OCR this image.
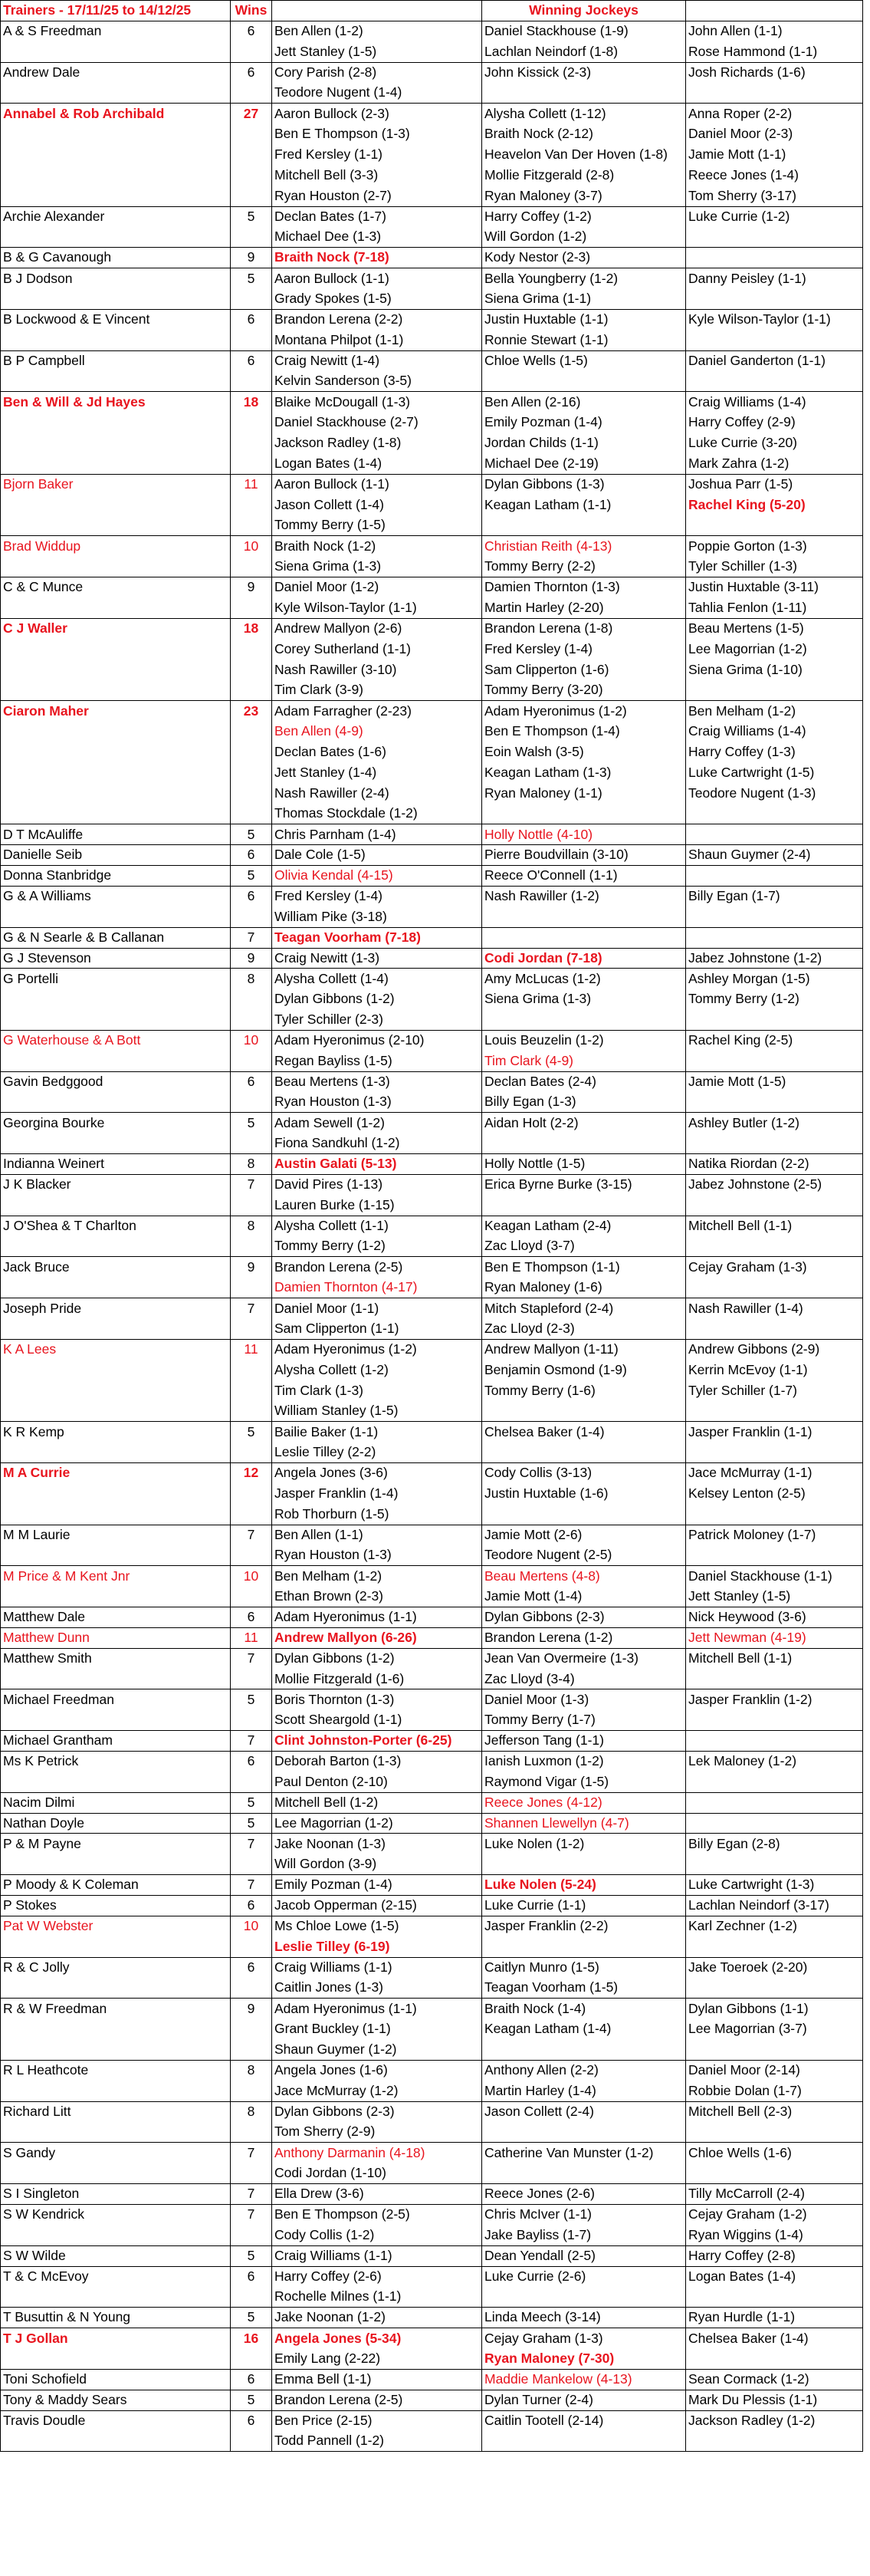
Trainers - 17/11/25 to 14/12/25	Wins		Winning Jockeys	
A & S Freedman	6	Ben Allen (1-2)	Daniel Stackhouse (1-9)	John Allen (1-1)
		Jett Stanley (1-5)	Lachlan Neindorf (1-8)	Rose Hammond (1-1)
Andrew Dale	6	Cory Parish (2-8)	John Kissick (2-3)	Josh Richards (1-6)
		Teodore Nugent (1-4)		
Annabel & Rob Archibald	27	Aaron Bullock (2-3)	Alysha Collett (1-12)	Anna Roper (2-2)
		Ben E Thompson (1-3)	Braith Nock (2-12)	Daniel Moor (2-3)
		Fred Kersley (1-1)	Heavelon Van Der Hoven (1-8)	Jamie Mott (1-1)
		Mitchell Bell (3-3)	Mollie Fitzgerald (2-8)	Reece Jones (1-4)
		Ryan Houston (2-7)	Ryan Maloney (3-7)	Tom Sherry (3-17)
Archie Alexander	5	Declan Bates (1-7)	Harry Coffey (1-2)	Luke Currie (1-2)
		Michael Dee (1-3)	Will Gordon (1-2)	
B & G Cavanough	9	Braith Nock (7-18)	Kody Nestor (2-3)	
B J Dodson	5	Aaron Bullock (1-1)	Bella Youngberry (1-2)	Danny Peisley (1-1)
		Grady Spokes (1-5)	Siena Grima (1-1)	
B Lockwood & E Vincent	6	Brandon Lerena (2-2)	Justin Huxtable (1-1)	Kyle Wilson-Taylor (1-1)
		Montana Philpot (1-1)	Ronnie Stewart (1-1)	
B P Campbell	6	Craig Newitt (1-4)	Chloe Wells (1-5)	Daniel Ganderton (1-1)
		Kelvin Sanderson (3-5)		
Ben & Will & Jd Hayes	18	Blaike McDougall (1-3)	Ben Allen (2-16)	Craig Williams (1-4)
		Daniel Stackhouse (2-7)	Emily Pozman (1-4)	Harry Coffey (2-9)
		Jackson Radley (1-8)	Jordan Childs (1-1)	Luke Currie (3-20)
		Logan Bates (1-4)	Michael Dee (2-19)	Mark Zahra (1-2)
Bjorn Baker	11	Aaron Bullock (1-1)	Dylan Gibbons (1-3)	Joshua Parr (1-5)
		Jason Collett (1-4)	Keagan Latham (1-1)	Rachel King (5-20)
		Tommy Berry (1-5)		
Brad Widdup	10	Braith Nock (1-2)	Christian Reith (4-13)	Poppie Gorton (1-3)
		Siena Grima (1-3)	Tommy Berry (2-2)	Tyler Schiller (1-3)
C & C Munce	9	Daniel Moor (1-2)	Damien Thornton (1-3)	Justin Huxtable (3-11)
		Kyle Wilson-Taylor (1-1)	Martin Harley (2-20)	Tahlia Fenlon (1-11)
C J Waller	18	Andrew Mallyon (2-6)	Brandon Lerena (1-8)	Beau Mertens (1-5)
		Corey Sutherland (1-1)	Fred Kersley (1-4)	Lee Magorrian (1-2)
		Nash Rawiller (3-10)	Sam Clipperton (1-6)	Siena Grima (1-10)
		Tim Clark (3-9)	Tommy Berry (3-20)	
Ciaron Maher	23	Adam Farragher (2-23)	Adam Hyeronimus (1-2)	Ben Melham (1-2)
		Ben Allen (4-9)	Ben E Thompson (1-4)	Craig Williams (1-4)
		Declan Bates (1-6)	Eoin Walsh (3-5)	Harry Coffey (1-3)
		Jett Stanley (1-4)	Keagan Latham (1-3)	Luke Cartwright (1-5)
		Nash Rawiller (2-4)	Ryan Maloney (1-1)	Teodore Nugent (1-3)
		Thomas Stockdale (1-2)		
D T McAuliffe	5	Chris Parnham (1-4)	Holly Nottle (4-10)	
Danielle Seib	6	Dale Cole (1-5)	Pierre Boudvillain (3-10)	Shaun Guymer (2-4)
Donna Stanbridge	5	Olivia Kendal (4-15)	Reece O'Connell (1-1)	
G & A Williams	6	Fred Kersley (1-4)	Nash Rawiller (1-2)	Billy Egan (1-7)
		William Pike (3-18)		
G & N Searle & B Callanan	7	Teagan Voorham (7-18)		
G J Stevenson	9	Craig Newitt (1-3)	Codi Jordan (7-18)	Jabez Johnstone (1-2)
G Portelli	8	Alysha Collett (1-4)	Amy McLucas (1-2)	Ashley Morgan (1-5)
		Dylan Gibbons (1-2)	Siena Grima (1-3)	Tommy Berry (1-2)
		Tyler Schiller (2-3)		
G Waterhouse & A Bott	10	Adam Hyeronimus (2-10)	Louis Beuzelin (1-2)	Rachel King (2-5)
		Regan Bayliss (1-5)	Tim Clark (4-9)	
Gavin Bedggood	6	Beau Mertens (1-3)	Declan Bates (2-4)	Jamie Mott (1-5)
		Ryan Houston (1-3)	Billy Egan (1-3)	
Georgina Bourke	5	Adam Sewell (1-2)	Aidan Holt (2-2)	Ashley Butler (1-2)
		Fiona Sandkuhl (1-2)		
Indianna Weinert	8	Austin Galati (5-13)	Holly Nottle (1-5)	Natika Riordan (2-2)
J K Blacker	7	David Pires (1-13)	Erica Byrne Burke (3-15)	Jabez Johnstone (2-5)
		Lauren Burke (1-15)		
J O'Shea & T Charlton	8	Alysha Collett (1-1)	Keagan Latham (2-4)	Mitchell Bell (1-1)
		Tommy Berry (1-2)	Zac Lloyd (3-7)	
Jack Bruce	9	Brandon Lerena (2-5)	Ben E Thompson (1-1)	Cejay Graham (1-3)
		Damien Thornton (4-17)	Ryan Maloney (1-6)	
Joseph Pride	7	Daniel Moor (1-1)	Mitch Stapleford (2-4)	Nash Rawiller (1-4)
		Sam Clipperton (1-1)	Zac Lloyd (2-3)	
K A Lees	11	Adam Hyeronimus (1-2)	Andrew Mallyon (1-11)	Andrew Gibbons (2-9)
		Alysha Collett (1-2)	Benjamin Osmond (1-9)	Kerrin McEvoy (1-1)
		Tim Clark (1-3)	Tommy Berry (1-6)	Tyler Schiller (1-7)
		William Stanley (1-5)		
K R Kemp	5	Bailie Baker (1-1)	Chelsea Baker (1-4)	Jasper Franklin (1-1)
		Leslie Tilley (2-2)		
M A Currie	12	Angela Jones (3-6)	Cody Collis (3-13)	Jace McMurray (1-1)
		Jasper Franklin (1-4)	Justin Huxtable (1-6)	Kelsey Lenton (2-5)
		Rob Thorburn (1-5)		
M M Laurie	7	Ben Allen (1-1)	Jamie Mott (2-6)	Patrick Moloney (1-7)
		Ryan Houston (1-3)	Teodore Nugent (2-5)	
M Price & M Kent Jnr	10	Ben Melham (1-2)	Beau Mertens (4-8)	Daniel Stackhouse (1-1)
		Ethan Brown (2-3)	Jamie Mott (1-4)	Jett Stanley (1-5)
Matthew Dale	6	Adam Hyeronimus (1-1)	Dylan Gibbons (2-3)	Nick Heywood (3-6)
Matthew Dunn	11	Andrew Mallyon (6-26)	Brandon Lerena (1-2)	Jett Newman (4-19)
Matthew Smith	7	Dylan Gibbons (1-2)	Jean Van Overmeire (1-3)	Mitchell Bell (1-1)
		Mollie Fitzgerald (1-6)	Zac Lloyd (3-4)	
Michael Freedman	5	Boris Thornton (1-3)	Daniel Moor (1-3)	Jasper Franklin (1-2)
		Scott Sheargold (1-1)	Tommy Berry (1-7)	
Michael Grantham	7	Clint Johnston-Porter (6-25)	Jefferson Tang (1-1)	
Ms K Petrick	6	Deborah Barton (1-3)	Ianish Luxmon (1-2)	Lek Maloney (1-2)
		Paul Denton (2-10)	Raymond Vigar (1-5)	
Nacim Dilmi	5	Mitchell Bell (1-2)	Reece Jones (4-12)	
Nathan Doyle	5	Lee Magorrian (1-2)	Shannen Llewellyn (4-7)	
P & M Payne	7	Jake Noonan (1-3)	Luke Nolen (1-2)	Billy Egan (2-8)
		Will Gordon (3-9)		
P Moody & K Coleman	7	Emily Pozman (1-4)	Luke Nolen (5-24)	Luke Cartwright (1-3)
P Stokes	6	Jacob Opperman (2-15)	Luke Currie (1-1)	Lachlan Neindorf (3-17)
Pat W Webster	10	Ms Chloe Lowe (1-5)	Jasper Franklin (2-2)	Karl Zechner (1-2)
		Leslie Tilley (6-19)		
R & C Jolly	6	Craig Williams (1-1)	Caitlyn Munro (1-5)	Jake Toeroek (2-20)
		Caitlin Jones (1-3)	Teagan Voorham (1-5)	
R & W Freedman	9	Adam Hyeronimus (1-1)	Braith Nock (1-4)	Dylan Gibbons (1-1)
		Grant Buckley (1-1)	Keagan Latham (1-4)	Lee Magorrian (3-7)
		Shaun Guymer (1-2)		
R L Heathcote	8	Angela Jones (1-6)	Anthony Allen (2-2)	Daniel Moor (2-14)
		Jace McMurray (1-2)	Martin Harley (1-4)	Robbie Dolan (1-7)
Richard Litt	8	Dylan Gibbons (2-3)	Jason Collett (2-4)	Mitchell Bell (2-3)
		Tom Sherry (2-9)		
S Gandy	7	Anthony Darmanin (4-18)	Catherine Van Munster (1-2)	Chloe Wells (1-6)
		Codi Jordan (1-10)		
S I Singleton	7	Ella Drew (3-6)	Reece Jones (2-6)	Tilly McCarroll (2-4)
S W Kendrick	7	Ben E Thompson (2-5)	Chris McIver (1-1)	Cejay Graham (1-2)
		Cody Collis (1-2)	Jake Bayliss (1-7)	Ryan Wiggins (1-4)
S W Wilde	5	Craig Williams (1-1)	Dean Yendall (2-5)	Harry Coffey (2-8)
T & C McEvoy	6	Harry Coffey (2-6)	Luke Currie (2-6)	Logan Bates (1-4)
		Rochelle Milnes (1-1)		
T Busuttin & N Young	5	Jake Noonan (1-2)	Linda Meech (3-14)	Ryan Hurdle (1-1)
T J Gollan	16	Angela Jones (5-34)	Cejay Graham (1-3)	Chelsea Baker (1-4)
		Emily Lang (2-22)	Ryan Maloney (7-30)	
Toni Schofield	6	Emma Bell (1-1)	Maddie Mankelow (4-13)	Sean Cormack (1-2)
Tony & Maddy Sears	5	Brandon Lerena (2-5)	Dylan Turner (2-4)	Mark Du Plessis (1-1)
Travis Doudle	6	Ben Price (2-15)	Caitlin Tootell (2-14)	Jackson Radley (1-2)
		Todd Pannell (1-2)		
